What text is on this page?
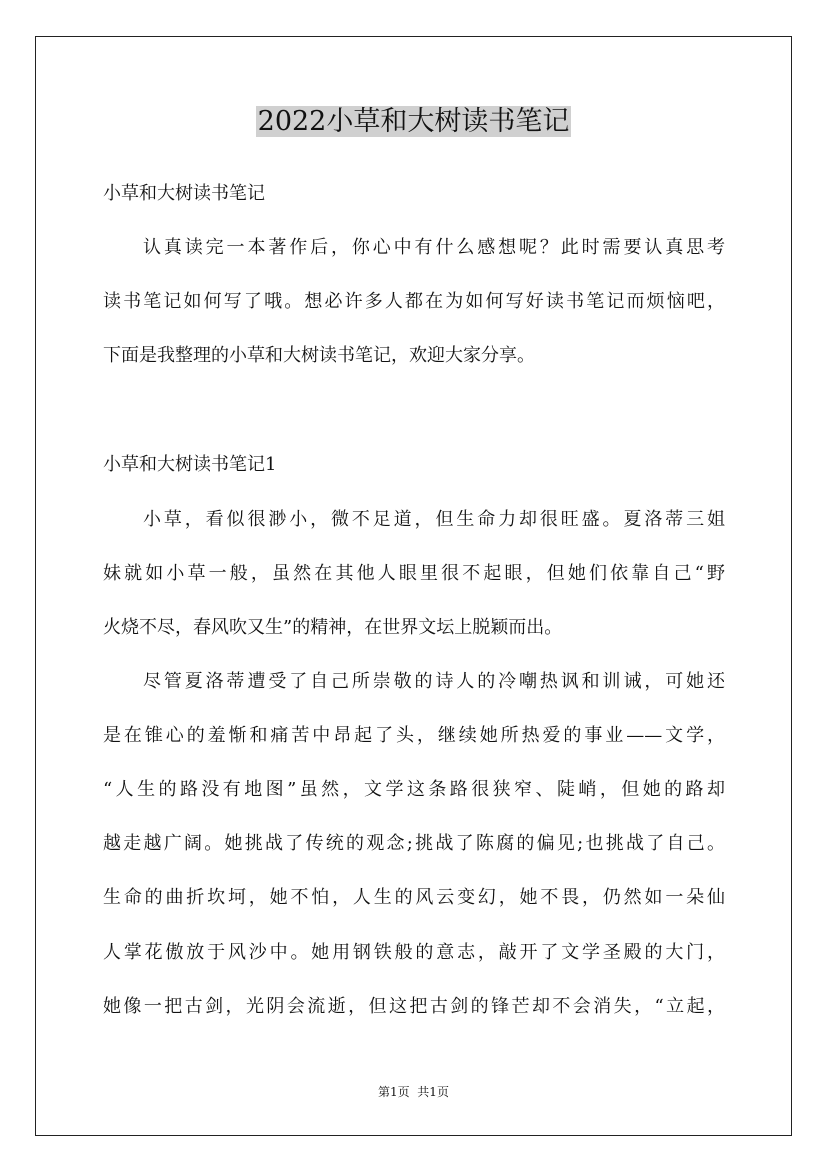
2022小草和大树读书笔记
小草和大树读书笔记
认真读完一本著作后，你心中有什么感想呢？此时需要认真思考
读书笔记如何写了哦。想必许多人都在为如何写好读书笔记而烦恼吧，
下面是我整理的小草和大树读书笔记，欢迎大家分享。
小草和大树读书笔记1
小草，看似很渺小，微不足道，但生命力却很旺盛。夏洛蒂三姐
妹就如小草一般，虽然在其他人眼里很不起眼，但她们依靠自己“野
火烧不尽，春风吹又生”的精神，在世界文坛上脱颖而出。
尽管夏洛蒂遭受了自己所崇敬的诗人的冷嘲热讽和训诫，可她还
是在锥心的羞惭和痛苦中昂起了头，继续她所热爱的事业——文学，
“人生的路没有地图”虽然，文学这条路很狭窄、陡峭，但她的路却
越走越广阔。她挑战了传统的观念;挑战了陈腐的偏见;也挑战了自己。
生命的曲折坎坷，她不怕，人生的风云变幻，她不畏，仍然如一朵仙
人掌花傲放于风沙中。她用钢铁般的意志，敲开了文学圣殿的大门，
她像一把古剑，光阴会流逝，但这把古剑的锋芒却不会消失，“立起，
第1页  共1页
